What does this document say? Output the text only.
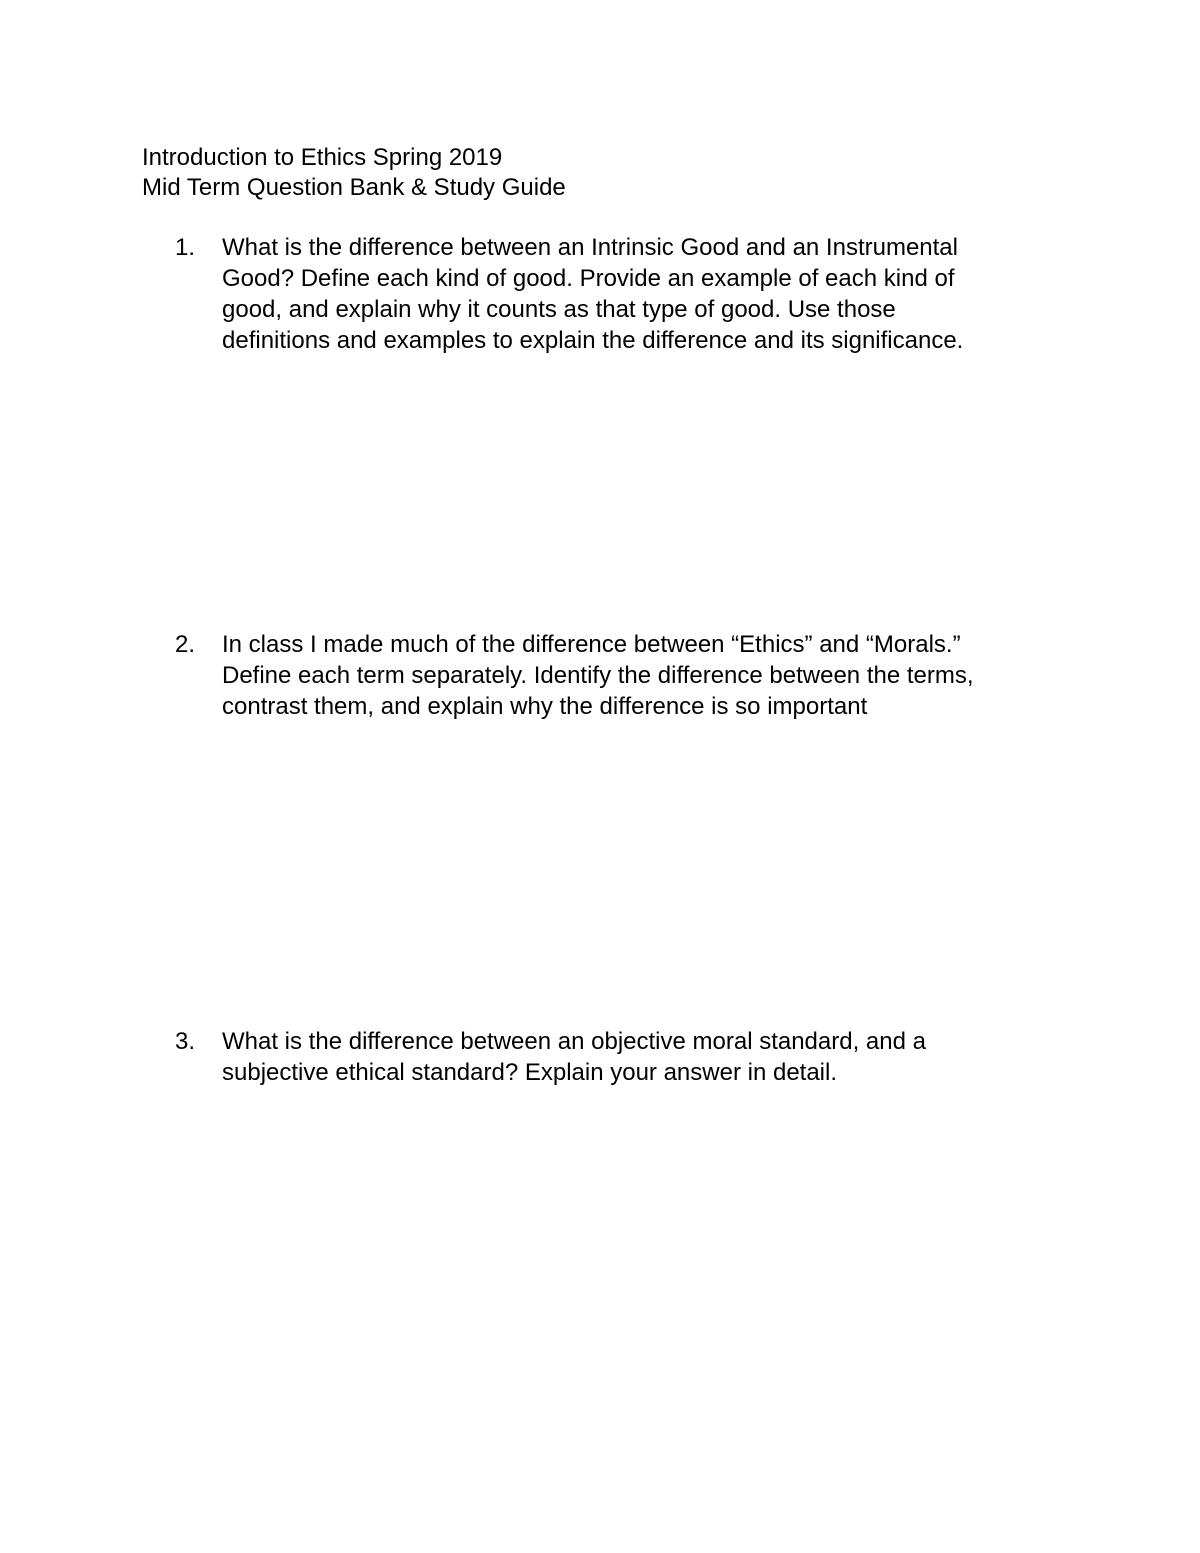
Introduction to Ethics Spring 2019
Mid Term Question Bank & Study Guide
1. What is the difference between an Intrinsic Good and an Instrumental
Good? Define each kind of good. Provide an example of each kind of
good, and explain why it counts as that type of good. Use those
definitions and examples to explain the difference and its significance.
2. In class I made much of the difference between “Ethics” and “Morals.”
Define each term separately. Identify the difference between the terms,
contrast them, and explain why the difference is so important
3. What is the difference between an objective moral standard, and a
subjective ethical standard? Explain your answer in detail.
